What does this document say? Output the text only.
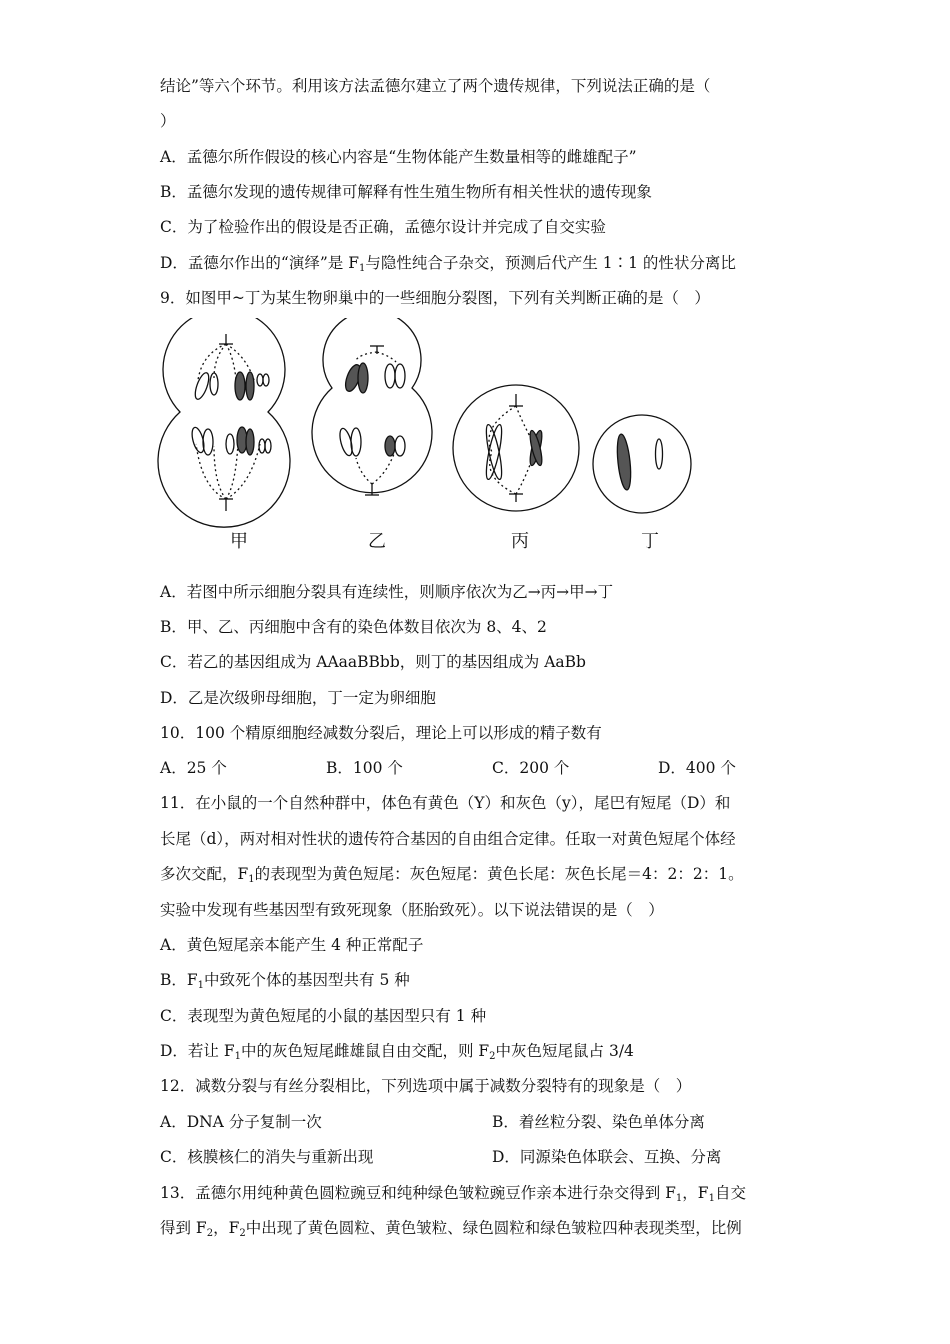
结论”等六个环节。利用该方法孟德尔建立了两个遗传规律，下列说法正确的是（
）
A．孟德尔所作假设的核心内容是“生物体能产生数量相等的雌雄配子”
B．孟德尔发现的遗传规律可解释有性生殖生物所有相关性状的遗传现象
C．为了检验作出的假设是否正确，孟德尔设计并完成了自交实验
D．孟德尔作出的“演绎”是 $F_1$与隐性纯合子杂交，预测后代产生 1∶1 的性状分离比
9．如图甲~丁为某生物卵巢中的一些细胞分裂图，下列有关判断正确的是（　）
甲	乙	丙	丁
A．若图中所示细胞分裂具有连续性，则顺序依次为乙→丙→甲→丁
B．甲、乙、丙细胞中含有的染色体数目依次为 8、4、2
C．若乙的基因组成为 AAaaBBbb，则丁的基因组成为 AaBb
D．乙是次级卵母细胞，丁一定为卵细胞
10．100 个精原细胞经减数分裂后，理论上可以形成的精子数有
A．25 个	B．100 个	C．200 个	D．400 个
11．在小鼠的一个自然种群中，体色有黄色（Y）和灰色（y），尾巴有短尾（D）和
长尾（d），两对相对性状的遗传符合基因的自由组合定律。任取一对黄色短尾个体经
多次交配，$F_1$的表现型为黄色短尾：灰色短尾：黄色长尾：灰色长尾＝4：2：2：1。
实验中发现有些基因型有致死现象（胚胎致死）。以下说法错误的是（　）
A．黄色短尾亲本能产生 4 种正常配子
B．$F_1$中致死个体的基因型共有 5 种
C．表现型为黄色短尾的小鼠的基因型只有 1 种
D．若让 $F_1$中的灰色短尾雌雄鼠自由交配，则 $F_2$中灰色短尾鼠占 3/4
12．减数分裂与有丝分裂相比，下列选项中属于减数分裂特有的现象是（　）
A．DNA 分子复制一次	B．着丝粒分裂、染色单体分离
C．核膜核仁的消失与重新出现	D．同源染色体联会、互换、分离
13．孟德尔用纯种黄色圆粒豌豆和纯种绿色皱粒豌豆作亲本进行杂交得到 $F_1$，$F_1$自交
得到 $F_2$，$F_2$中出现了黄色圆粒、黄色皱粒、绿色圆粒和绿色皱粒四种表现类型，比例
